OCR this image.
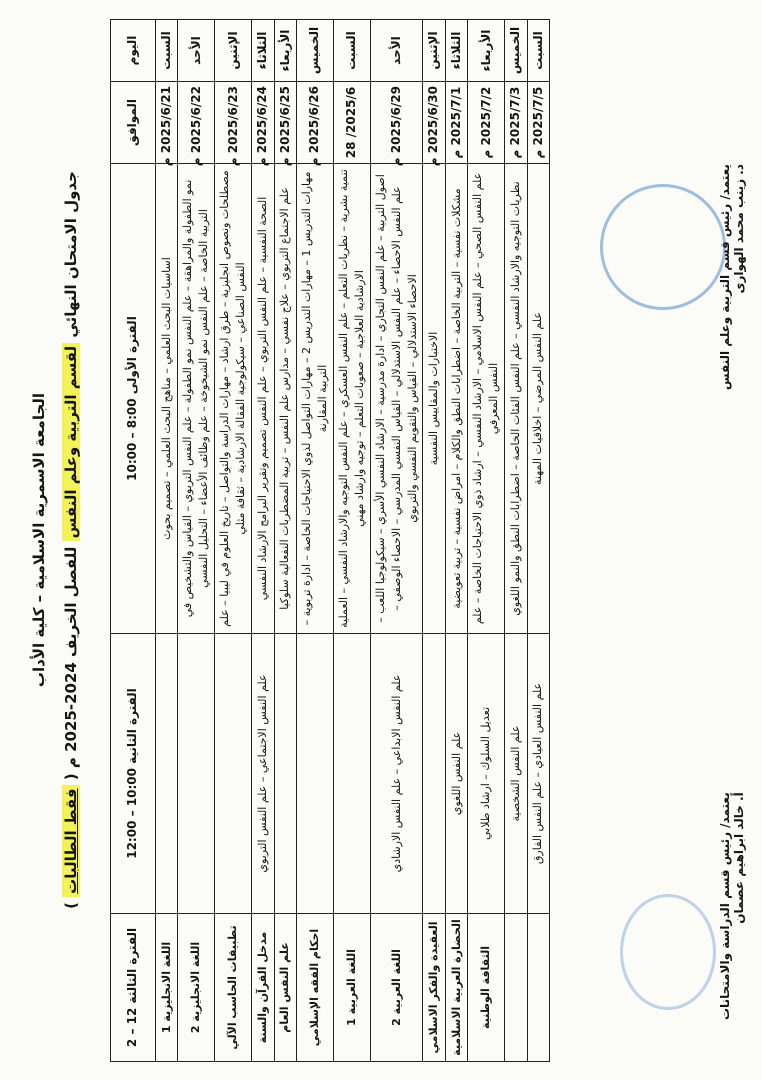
الجامعة الاسمرية الاسلامية – كلية الأداب
جدول الامتحان النهائي لقسم التربية وعلم النفس للفصل الخريف 2024-2025 م ( فقط الطالبات )
اليوم	الموافق	الفترة الأولى 8:00 – 10:00	الفترة الثانية 10:00 – 12:00	الفترة الثالثة 12 – 2
السبت	2025/6/21 م	اساسيات البحث العلمي – مناهج البحث العلمي – تصميم بحوث		اللغة الانجليزية 1
الأحد	2025/6/22 م	نمو الطفولة والمراهقة – علم النفس نمو الطفولة – علم النفس التربوي – القياس والتشخيص في التربية الخاصة – علم النفس نمو الشيخوخة – علم وظائف الأعضاء – التحليل النفسي		اللغة الانجليزية 2
الإثنين	2025/6/23 م	مصطلحات ونصوص انجليزية – طرق ارشاد – مهارات الدراسة والتواصل – تاريخ العلوم في ليبيا – علم النفس الصناعي – سيكولوجية الفقالة الارشادية – ثقافة مثلي		تطبيقات الحاسب الآلي
الثلاثاء	2025/6/24 م	الصحة النفسية – علم النفس التربوي – علم النفس تصميم وتقرير البرامج الارشاد النفسي	علم النفس الاجتماعي – علم النفس التربوي	مدخل القرآن والسنة
الأربعاء	2025/6/25 م	علم الاجتماع التربوي – علاج نفسي – مدارس علم النفس – تربية المضطربات النفعالية سلوكيا		علم النفس العام
الخميس	2025/6/26 م	مهارات التدريس 1 – مهارات التدريس 2 – مهارات التواصل لذوي الاحتياجات الخاصة – ادارة تربوية – التربية المقارنة		احكام الفقه الإسلامي
السبت	2025/6/ 28	تنمية بشرية – نظريات التعلم – علم النفس العسكري – علم النفس التوجيه والارشاد النفسي – العملية الارشادية العلاجية – صعوبات التعلم – توجيه وارشاد مهني		اللغة العربية 1
الأحد	2025/6/29 م	اصول التربية – علم النفس التجاري – ادارة مدرسية – الارشاد النفسي الأسري – سيكولوجيا اللعب – علم النفس الاحصاء – علم النفس الاستدلالي – القياس النفسي المدرسي – الاحصاء الوصفي – الاحصاء الاستدلالي – القياس والتقويم النفسي والتربوي	علم النفس الابداعي – علم النفس الارشادي	اللغة العربية 2
الإثنين	2025/6/30 م	الاختبارات والمقاييس النفسية		العقيدة والفكر الاسلامي
الثلاثاء	2025/7/1 م	مشكلات نفسية – التربية الخاصة – اضطرابات النطق والكلام – امراض نفسية – تربية تعويضية	علم النفس اللغوي	الحضارة العربية الاسلامية
الأربعاء	2025/7/2 م	علم النفس الصحي – علم النفس الاسلامي – الارشاد النفسي – ارشاد ذوي الاحتياجات الخاصة – علم النفس المعرفي	تعديل السلوك – ارشاد طلابي	الثقافة الوطنية
الخميس	2025/7/3 م	نظريات التوجيه والارشاد النفسي – علم النفس الفئات الخاصة – اضطرابات النطق والنمو اللغوي	علم النفس الشخصية	
السبت	2025/7/5 م	علم النفس المرضي – اخلاقيات المهنة	علم النفس العيادي – علم النفس الفارق	
يعتمد/ رئيس قسم الدراسة والامتحانات أ. خالد ابراهيم عصمان
يعتمد/ رئيس قسم التربية وعلم النفس د. زينب محمد الهوارى
